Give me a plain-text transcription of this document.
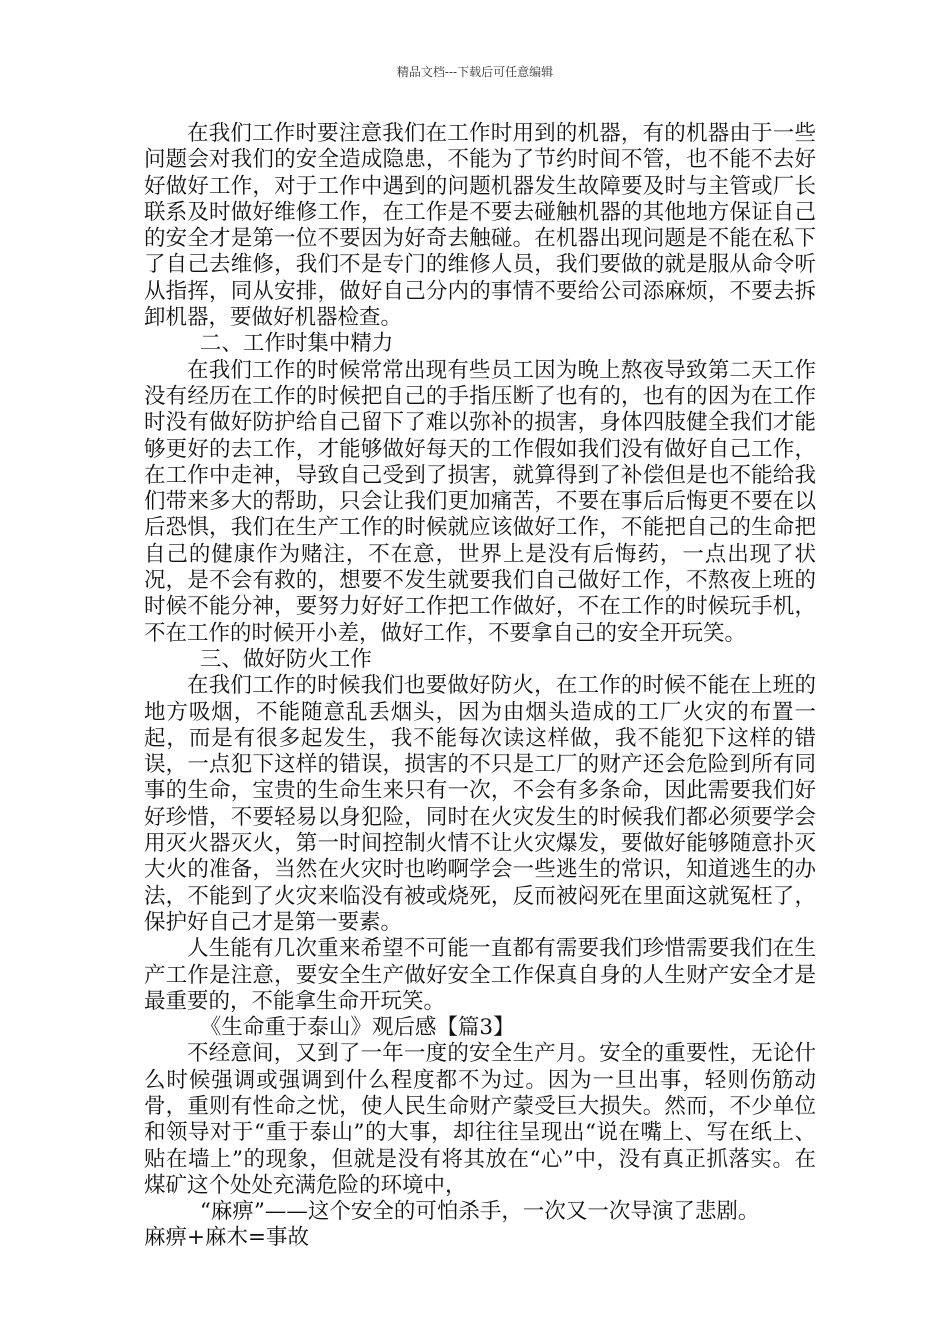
精品文档---下载后可任意编辑

在我们工作时要注意我们在工作时用到的机器，有的机器由于一些问题会对我们的安全造成隐患，不能为了节约时间不管，也不能不去好好做好工作，对于工作中遇到的问题机器发生故障要及时与主管或厂长联系及时做好维修工作，在工作是不要去碰触机器的其他地方保证自己的安全才是第一位不要因为好奇去触碰。在机器出现问题是不能在私下了自己去维修，我们不是专门的维修人员，我们要做的就是服从命令听从指挥，同从安排，做好自己分内的事情不要给公司添麻烦，不要去拆卸机器，要做好机器检查。

二、工作时集中精力

在我们工作的时候常常出现有些员工因为晚上熬夜导致第二天工作没有经历在工作的时候把自己的手指压断了也有的，也有的因为在工作时没有做好防护给自己留下了难以弥补的损害，身体四肢健全我们才能够更好的去工作，才能够做好每天的工作假如我们没有做好自己工作，在工作中走神，导致自己受到了损害，就算得到了补偿但是也不能给我们带来多大的帮助，只会让我们更加痛苦，不要在事后后悔更不要在以后恐惧，我们在生产工作的时候就应该做好工作，不能把自己的生命把自己的健康作为赌注，不在意，世界上是没有后悔药，一点出现了状况，是不会有救的，想要不发生就要我们自己做好工作，不熬夜上班的时候不能分神，要努力好好工作把工作做好，不在工作的时候玩手机，不在工作的时候开小差，做好工作，不要拿自己的安全开玩笑。

三、做好防火工作

在我们工作的时候我们也要做好防火，在工作的时候不能在上班的地方吸烟，不能随意乱丢烟头，因为由烟头造成的工厂火灾的布置一起，而是有很多起发生，我不能每次读这样做，我不能犯下这样的错误，一点犯下这样的错误，损害的不只是工厂的财产还会危险到所有同事的生命，宝贵的生命生来只有一次，不会有多条命，因此需要我们好好珍惜，不要轻易以身犯险，同时在火灾发生的时候我们都必须要学会用灭火器灭火，第一时间控制火情不让火灾爆发，要做好能够随意扑灭大火的准备，当然在火灾时也哟啊学会一些逃生的常识，知道逃生的办法，不能到了火灾来临没有被或烧死，反而被闷死在里面这就冤枉了，保护好自己才是第一要素。

人生能有几次重来希望不可能一直都有需要我们珍惜需要我们在生产工作是注意，要安全生产做好安全工作保真自身的人生财产安全才是最重要的，不能拿生命开玩笑。

《生命重于泰山》观后感【篇3】

不经意间，又到了一年一度的安全生产月。安全的重要性，无论什么时候强调或强调到什么程度都不为过。因为一旦出事，轻则伤筋动骨，重则有性命之忧，使人民生命财产蒙受巨大损失。然而，不少单位和领导对于“重于泰山”的大事，却往往呈现出“说在嘴上、写在纸上、贴在墙上”的现象，但就是没有将其放在“心”中，没有真正抓落实。在煤矿这个处处充满危险的环境中，

“麻痹”——这个安全的可怕杀手，一次又一次导演了悲剧。

麻痹+麻木=事故
